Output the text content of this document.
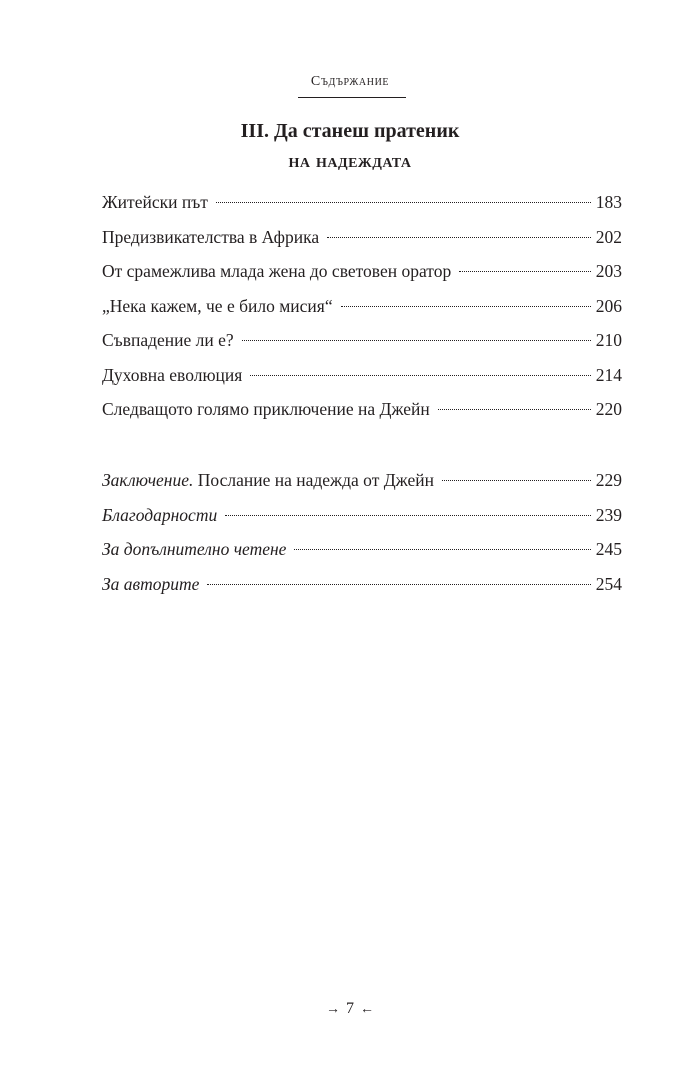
Съдържание
III. Да станеш пратеник
на надеждата
Житейски път	183
Предизвикателства в Африка	202
От срамежлива млада жена до световен оратор	203
„Нека кажем, че е било мисия“	206
Съвпадение ли е?	210
Духовна еволюция	214
Следващото голямо приключение на Джейн	220
Заключение. Послание на надежда от Джейн	229
Благодарности	239
За допълнително четене	245
За авторите	254
→ 7 ←
